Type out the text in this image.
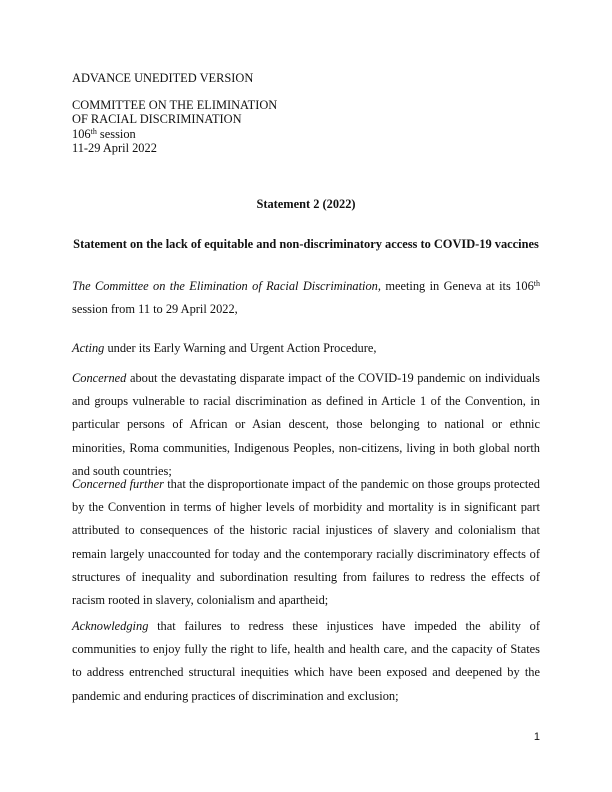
ADVANCE UNEDITED VERSION
COMMITTEE ON THE ELIMINATION
OF RACIAL DISCRIMINATION
106th session
11-29 April 2022
Statement 2 (2022)
Statement on the lack of equitable and non-discriminatory access to COVID-19 vaccines
The Committee on the Elimination of Racial Discrimination, meeting in Geneva at its 106th session from 11 to 29 April 2022,
Acting under its Early Warning and Urgent Action Procedure,
Concerned about the devastating disparate impact of the COVID-19 pandemic on individuals and groups vulnerable to racial discrimination as defined in Article 1 of the Convention, in particular persons of African or Asian descent, those belonging to national or ethnic minorities, Roma communities, Indigenous Peoples, non-citizens, living in both global north and south countries;
Concerned further that the disproportionate impact of the pandemic on those groups protected by the Convention in terms of higher levels of morbidity and mortality is in significant part attributed to consequences of the historic racial injustices of slavery and colonialism that remain largely unaccounted for today and the contemporary racially discriminatory effects of structures of inequality and subordination resulting from failures to redress the effects of racism rooted in slavery, colonialism and apartheid;
Acknowledging that failures to redress these injustices have impeded the ability of communities to enjoy fully the right to life, health and health care, and the capacity of States to address entrenched structural inequities which have been exposed and deepened by the pandemic and enduring practices of discrimination and exclusion;
1
